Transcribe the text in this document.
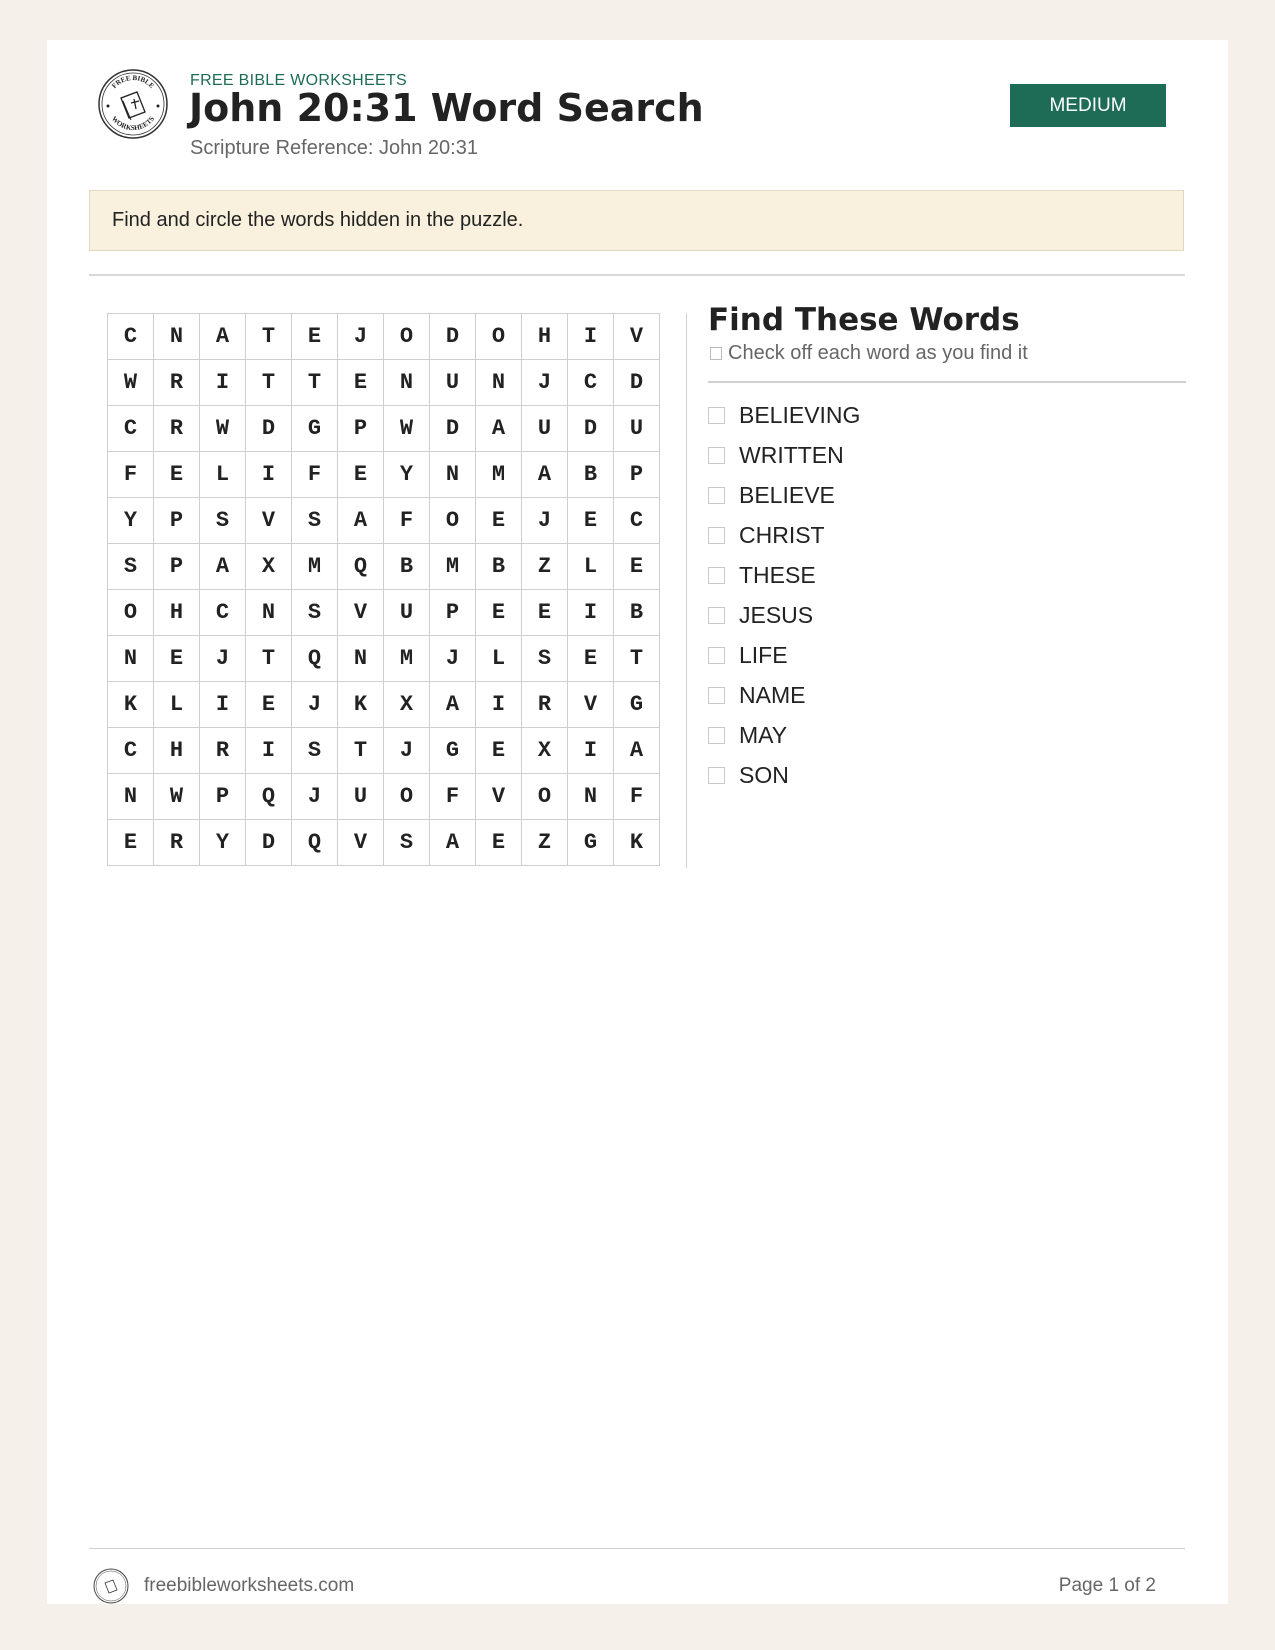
FREE BIBLE
WORKSHEETS
FREE BIBLE WORKSHEETS
John 20:31 Word Search
Scripture Reference: John 20:31
MEDIUM
Find and circle the words hidden in the puzzle.
C	N	A	T	E	J	O	D	O	H	I	V
W	R	I	T	T	E	N	U	N	J	C	D
C	R	W	D	G	P	W	D	A	U	D	U
F	E	L	I	F	E	Y	N	M	A	B	P
Y	P	S	V	S	A	F	O	E	J	E	C
S	P	A	X	M	Q	B	M	B	Z	L	E
O	H	C	N	S	V	U	P	E	E	I	B
N	E	J	T	Q	N	M	J	L	S	E	T
K	L	I	E	J	K	X	A	I	R	V	G
C	H	R	I	S	T	J	G	E	X	I	A
N	W	P	Q	J	U	O	F	V	O	N	F
E	R	Y	D	Q	V	S	A	E	Z	G	K
Find These Words
Check off each word as you find it
BELIEVING
WRITTEN
BELIEVE
CHRIST
THESE
JESUS
LIFE
NAME
MAY
SON
freebibleworksheets.com	Page 1 of 2
